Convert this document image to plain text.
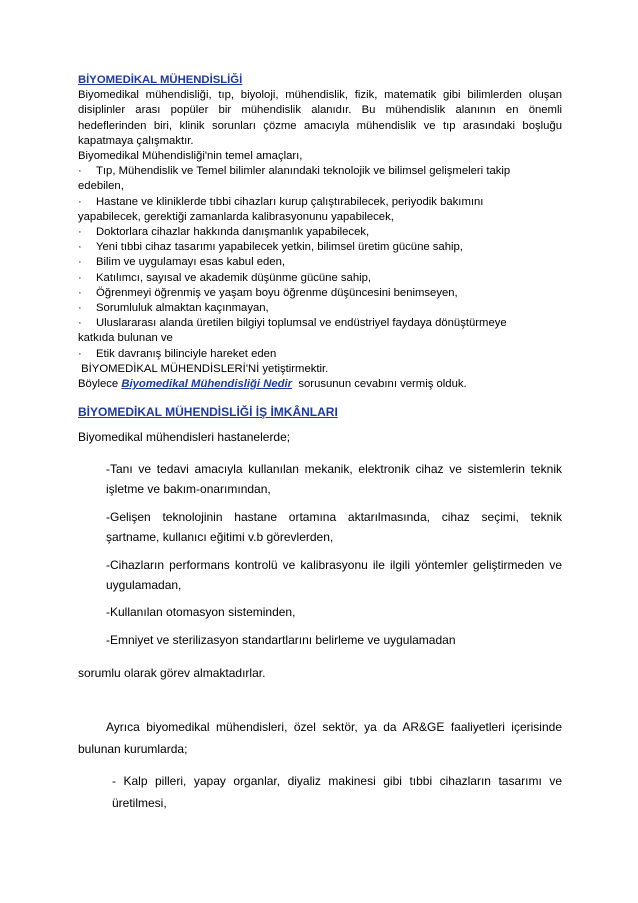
BİYOMEDİKAL MÜHENDİSLİĞİ
Biyomedikal mühendisliği, tıp, biyoloji, mühendislik, fizik, matematik gibi bilimlerden oluşan disiplinler arası popüler bir mühendislik alanıdır. Bu mühendislik alanının en önemli hedeflerinden biri, klinik sorunları çözme amacıyla mühendislik ve tıp arasındaki boşluğu kapatmaya çalışmaktır.
Biyomedikal Mühendisliği'nin temel amaçları,
·	Tıp, Mühendislik ve Temel bilimler alanındaki teknolojik ve bilimsel gelişmeleri takip
edebilen,
·	Hastane ve kliniklerde tıbbi cihazları kurup çalıştırabilecek, periyodik bakımını
yapabilecek, gerektiği zamanlarda kalibrasyonunu yapabilecek,
·	Doktorlara cihazlar hakkında danışmanlık yapabilecek,
·	Yeni tıbbi cihaz tasarımı yapabilecek yetkin, bilimsel üretim gücüne sahip,
·	Bilim ve uygulamayı esas kabul eden,
·	Katılımcı, sayısal ve akademik düşünme gücüne sahip,
·	Öğrenmeyi öğrenmiş ve yaşam boyu öğrenme düşüncesini benimseyen,
·	Sorumluluk almaktan kaçınmayan,
·	Uluslararası alanda üretilen bilgiyi toplumsal ve endüstriyel faydaya dönüştürmeye
katkıda bulunan ve
·	Etik davranış bilinciyle hareket eden
BİYOMEDİKAL MÜHENDİSLERİ'Nİ yetiştirmektir.
Böylece Biyomedikal Mühendisliği Nedir  sorusunun cevabını vermiş olduk.
BİYOMEDİKAL MÜHENDİSLİĞİ İŞ İMKÂNLARI
Biyomedikal mühendisleri hastanelerde;
-Tanı ve tedavi amacıyla kullanılan mekanik, elektronik cihaz ve sistemlerin teknik
işletme ve bakım-onarımından,
-Gelişen teknolojinin hastane ortamına aktarılmasında, cihaz seçimi, teknik
şartname, kullanıcı eğitimi v.b görevlerden,
-Cihazların performans kontrolü ve kalibrasyonu ile ilgili yöntemler geliştirmeden ve
uygulamadan,
-Kullanılan otomasyon sisteminden,
-Emniyet ve sterilizasyon standartlarını belirleme ve uygulamadan
sorumlu olarak görev almaktadırlar.
Ayrıca biyomedikal mühendisleri, özel sektör, ya da AR&GE faaliyetleri içerisinde
bulunan kurumlarda;
- Kalp pilleri, yapay organlar, diyaliz makinesi gibi tıbbi cihazların tasarımı ve
üretilmesi,
